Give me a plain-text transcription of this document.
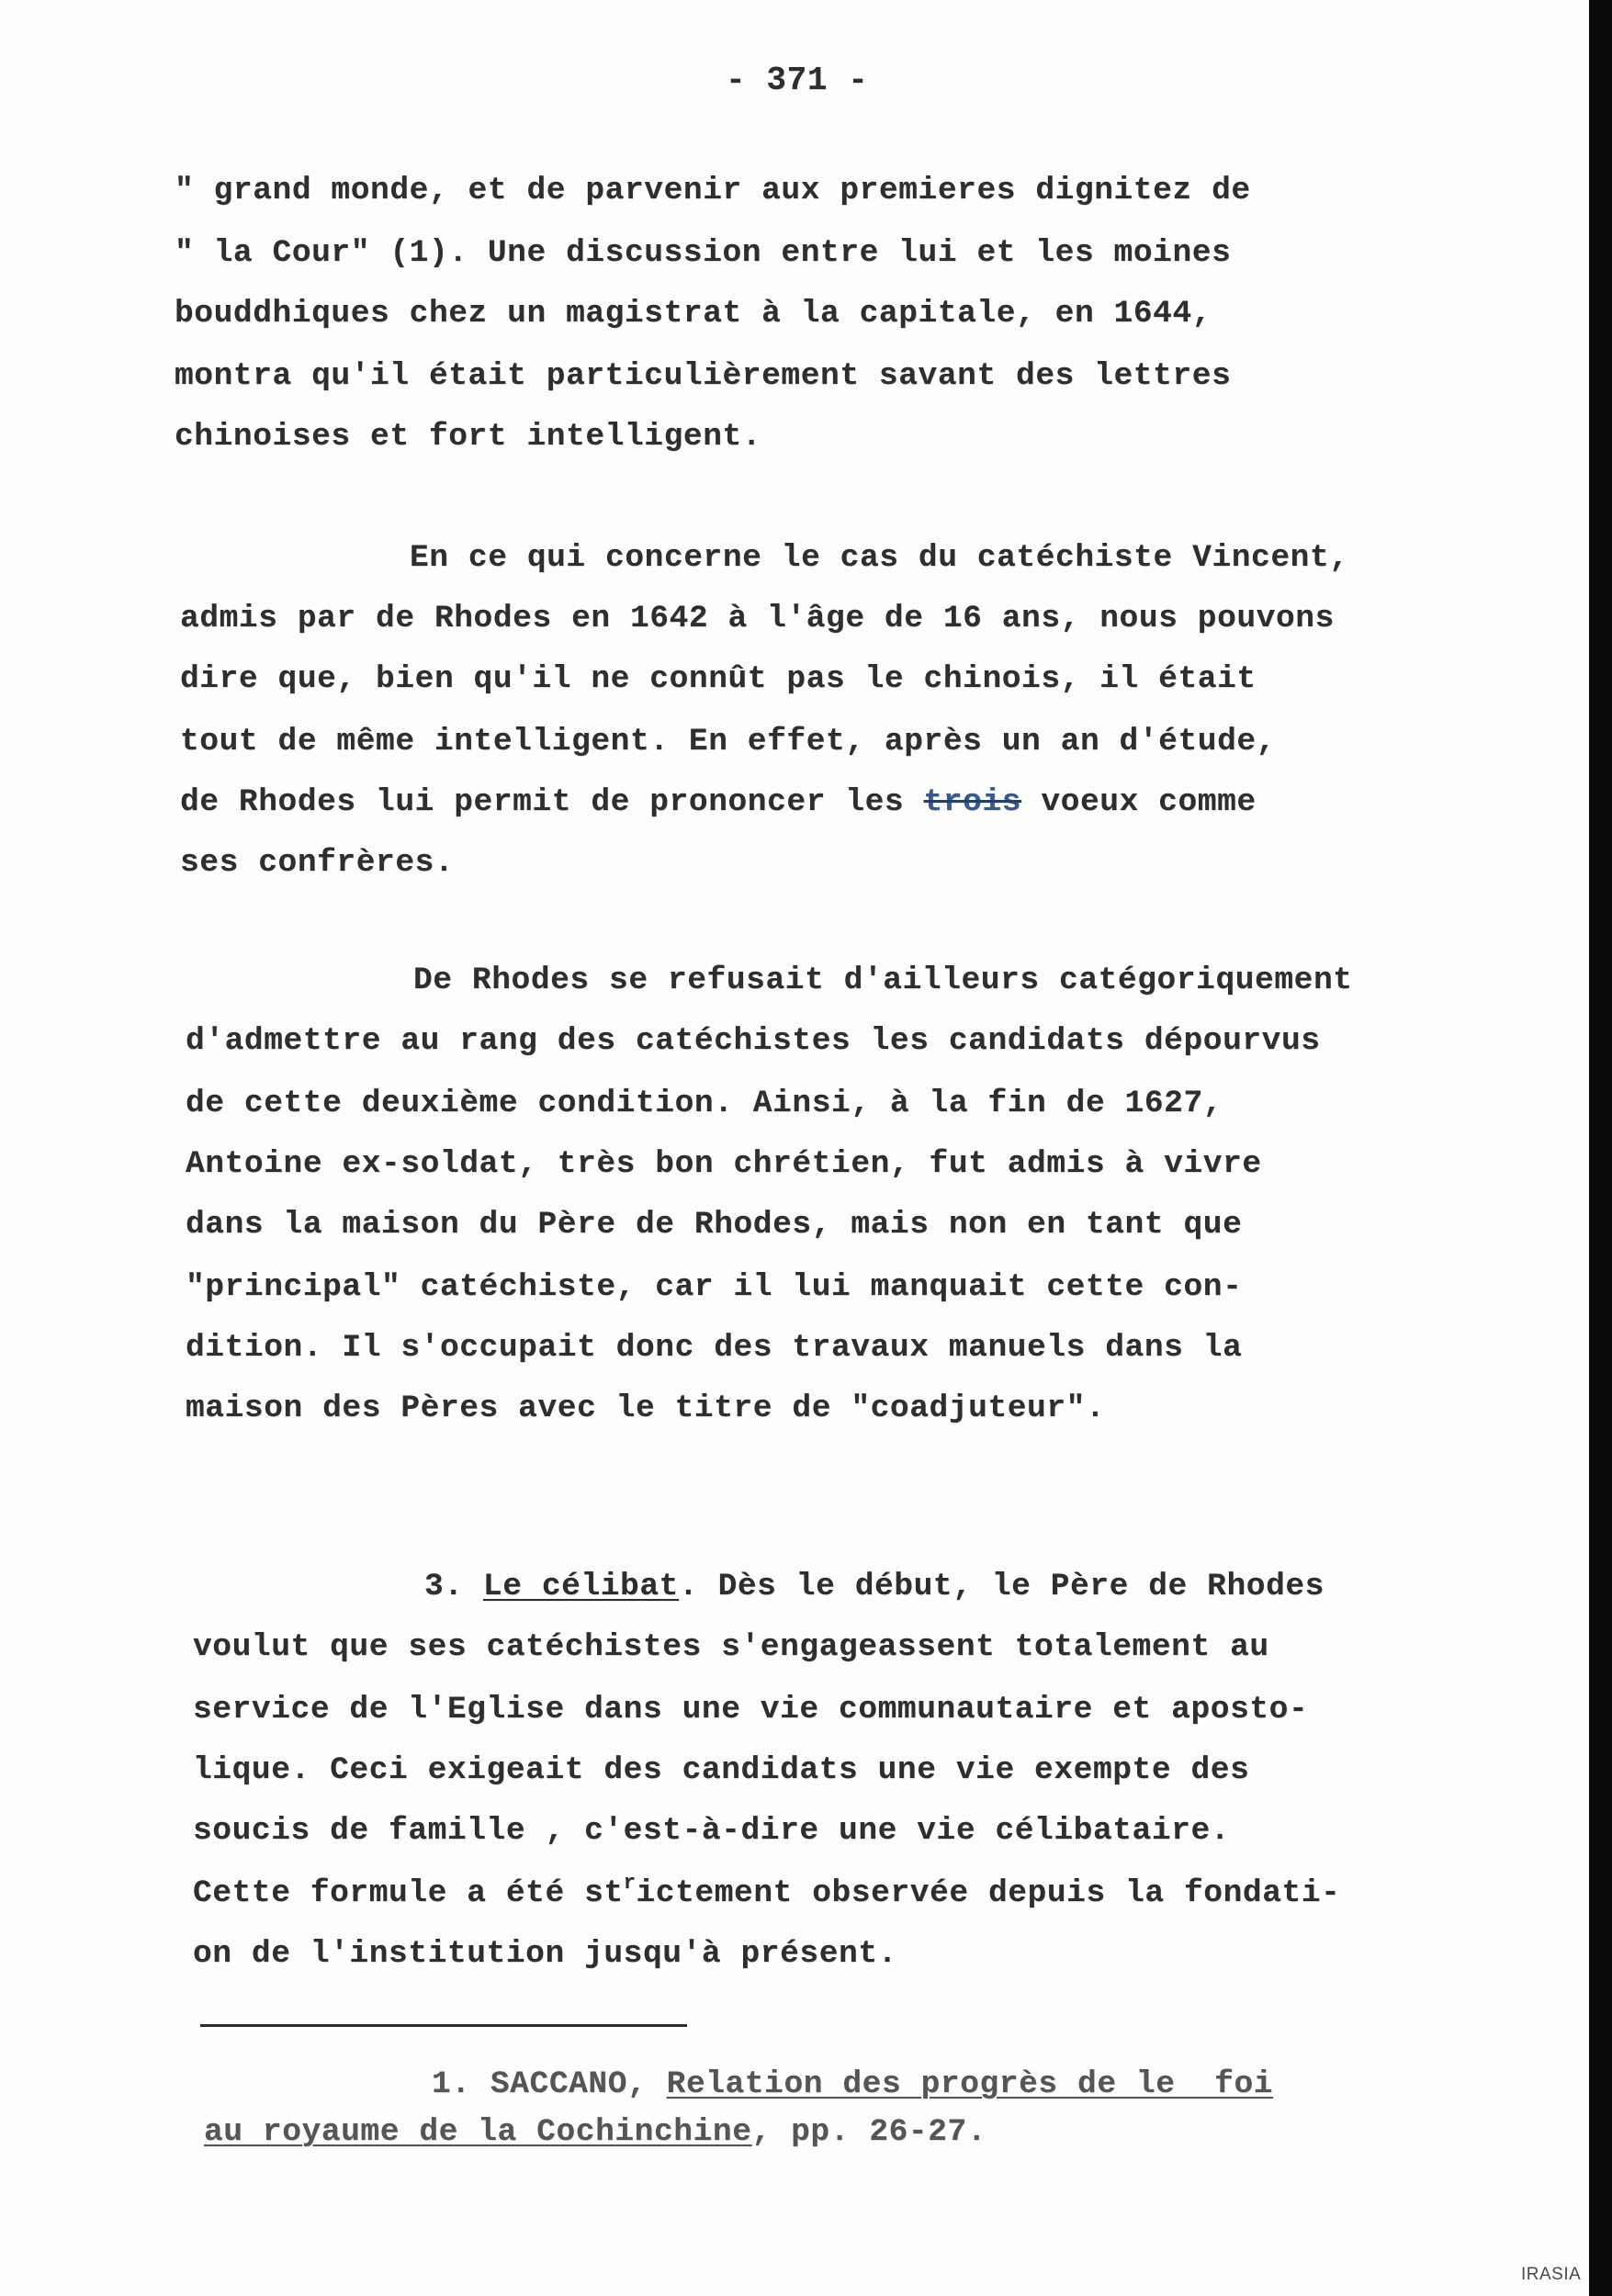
- 371 -
" grand monde, et de parvenir aux premieres dignitez de
" la Cour" (1). Une discussion entre lui et les moines
bouddhiques chez un magistrat à la capitale, en 1644,
montra qu'il était particulièrement savant des lettres
chinoises et fort intelligent.
En ce qui concerne le cas du catéchiste Vincent,
admis par de Rhodes en 1642 à l'âge de 16 ans, nous pouvons
dire que, bien qu'il ne connût pas le chinois, il était
tout de même intelligent. En effet, après un an d'étude,
de Rhodes lui permit de prononcer les trois voeux comme
ses confrères.
De Rhodes se refusait d'ailleurs catégoriquement
d'admettre au rang des catéchistes les candidats dépourvus
de cette deuxième condition. Ainsi, à la fin de 1627,
Antoine ex-soldat, très bon chrétien, fut admis à vivre
dans la maison du Père de Rhodes, mais non en tant que
"principal" catéchiste, car il lui manquait cette con-
dition. Il s'occupait donc des travaux manuels dans la
maison des Pères avec le titre de "coadjuteur".
3. Le célibat. Dès le début, le Père de Rhodes
voulut que ses catéchistes s'engageassent totalement au
service de l'Eglise dans une vie communautaire et aposto-
lique. Ceci exigeait des candidats une vie exempte des
soucis de famille , c'est-à-dire une vie célibataire.
Cette formule a été $st^rictement$ observée depuis la fondati-
on de l'institution jusqu'à présent.
1. SACCANO, Relation des progrès de le  foi
au royaume de la Cochinchine, pp. 26-27.
IRASIA
